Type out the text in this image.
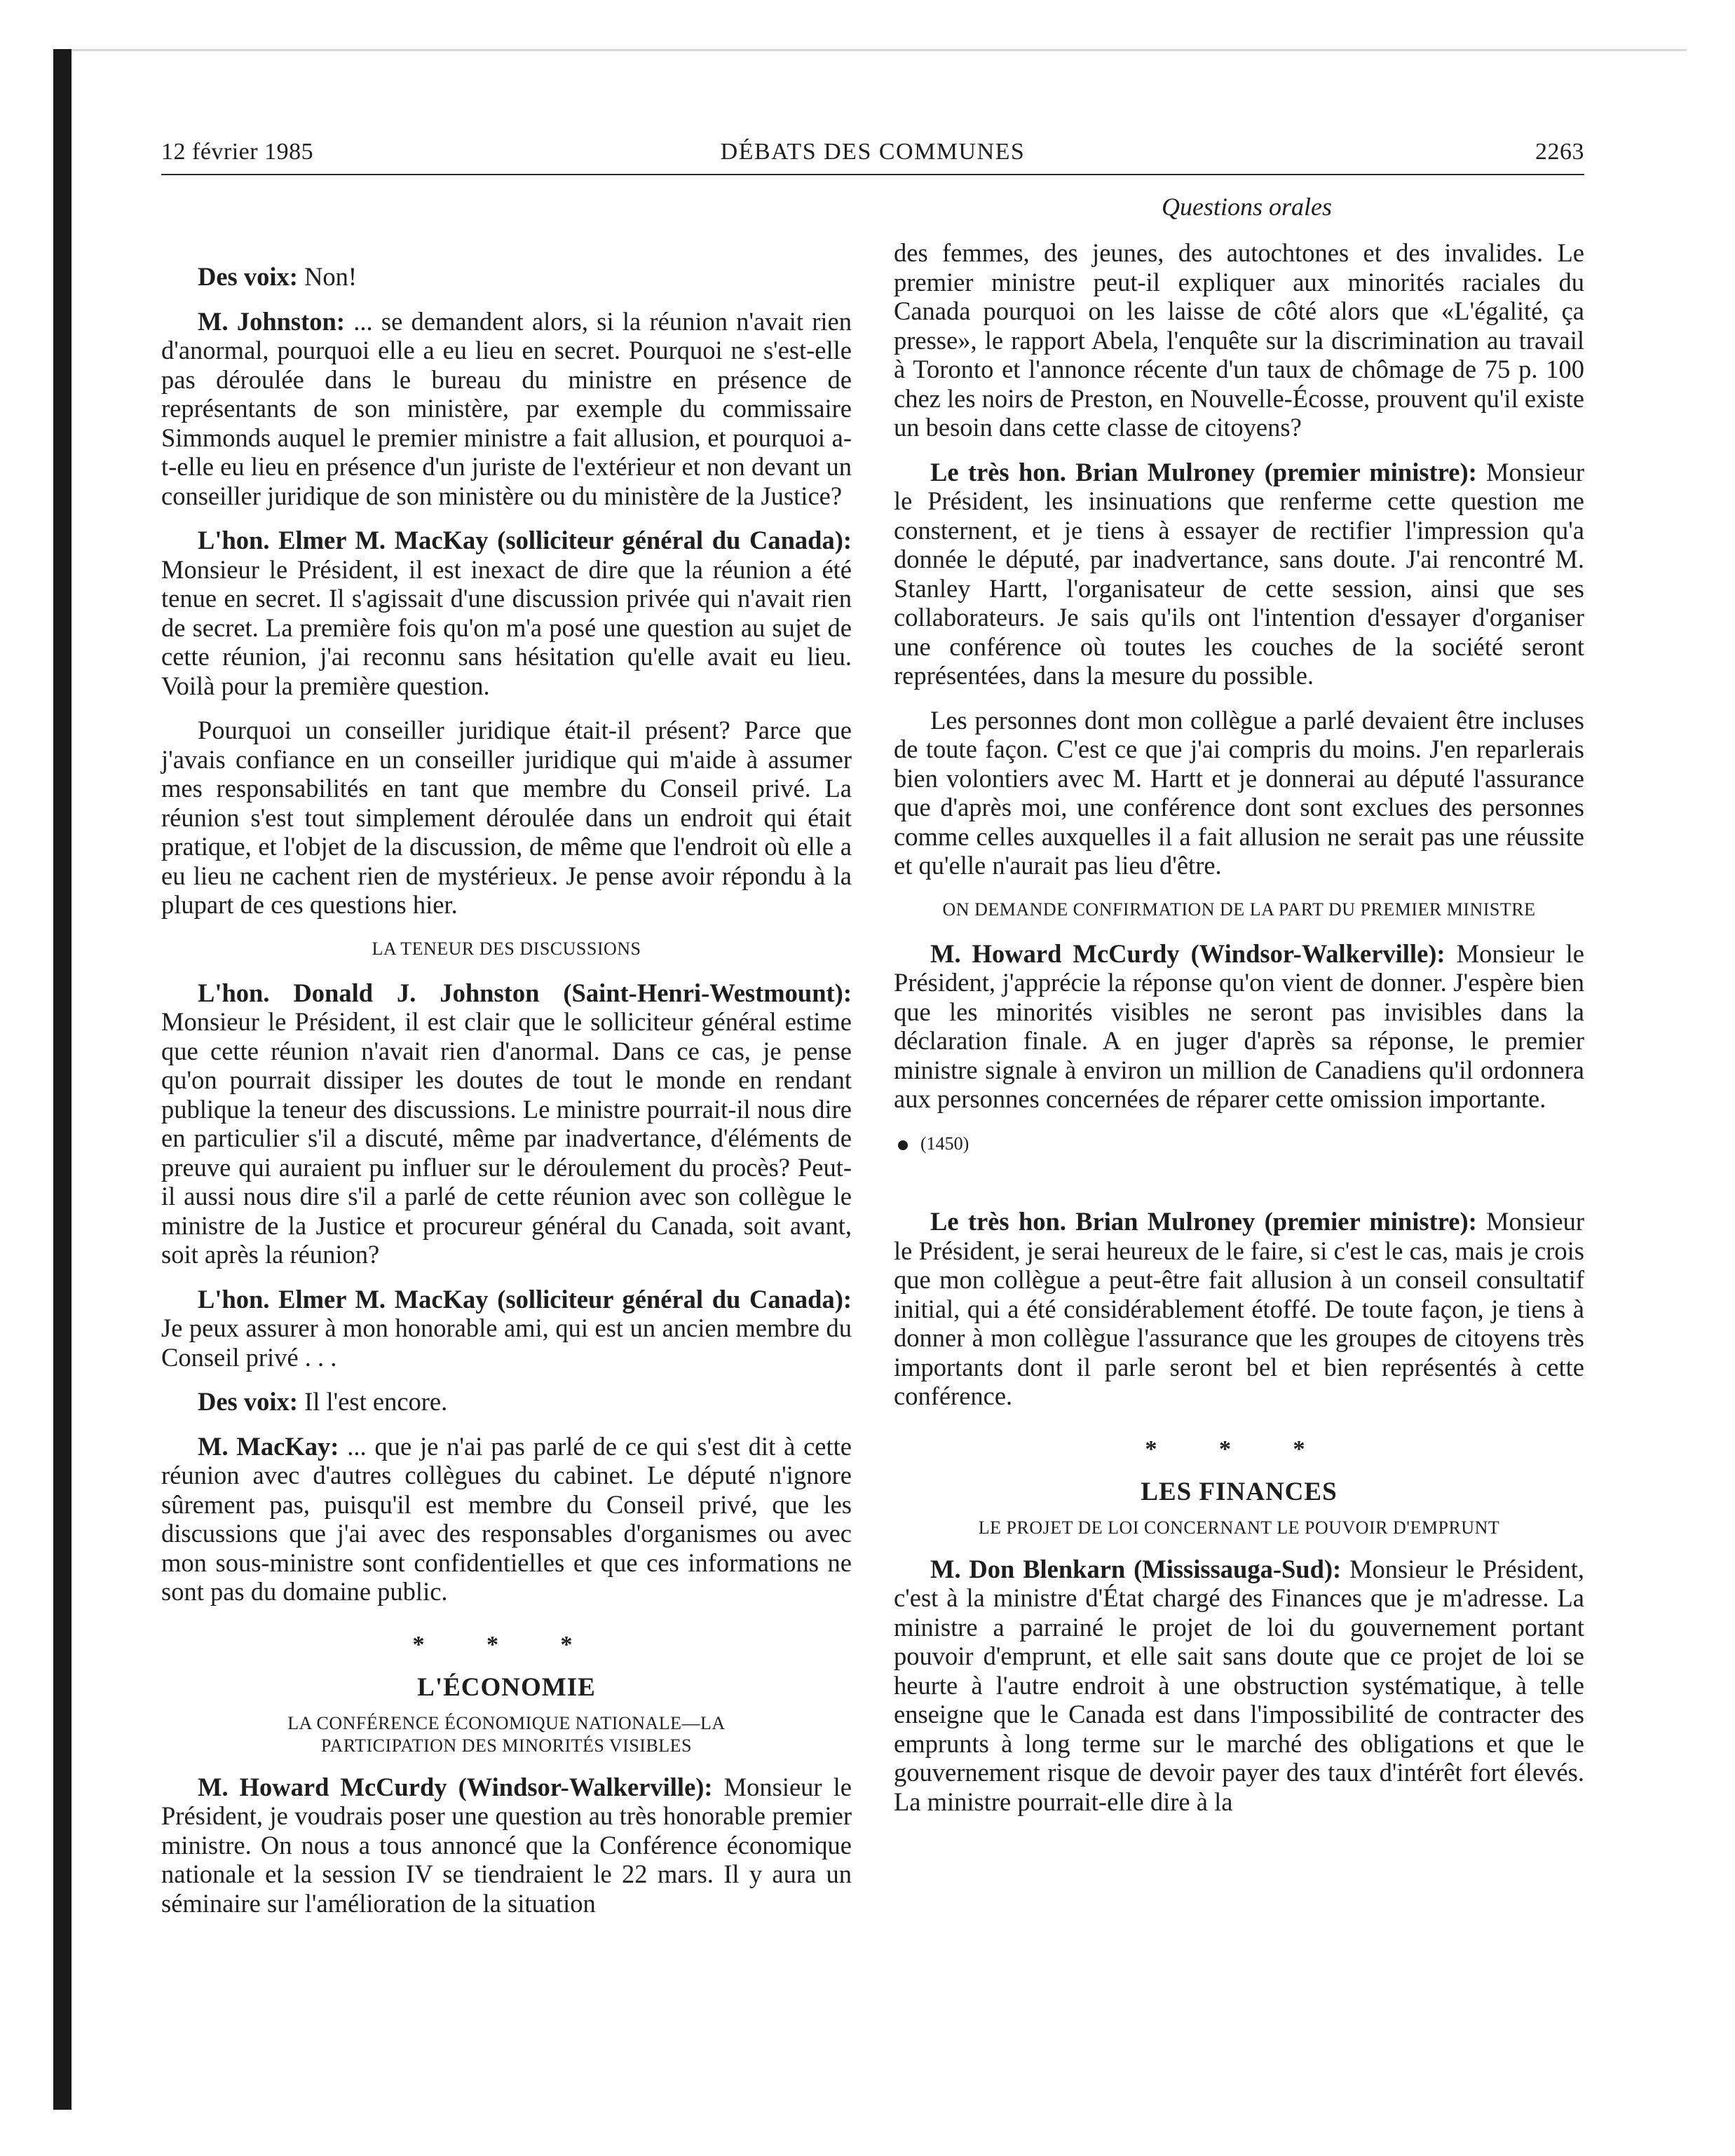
12 février 1985	DÉBATS DES COMMUNES	2263
Questions orales

Des voix: Non!

M. Johnston: ... se demandent alors, si la réunion n'avait rien d'anormal, pourquoi elle a eu lieu en secret. Pourquoi ne s'est-elle pas déroulée dans le bureau du ministre en présence de représentants de son ministère, par exemple du commissaire Simmonds auquel le premier ministre a fait allusion, et pourquoi a-t-elle eu lieu en présence d'un juriste de l'extérieur et non devant un conseiller juridique de son ministère ou du ministère de la Justice?

L'hon. Elmer M. MacKay (solliciteur général du Canada): Monsieur le Président, il est inexact de dire que la réunion a été tenue en secret. Il s'agissait d'une discussion privée qui n'avait rien de secret. La première fois qu'on m'a posé une question au sujet de cette réunion, j'ai reconnu sans hésitation qu'elle avait eu lieu. Voilà pour la première question.

Pourquoi un conseiller juridique était-il présent? Parce que j'avais confiance en un conseiller juridique qui m'aide à assumer mes responsabilités en tant que membre du Conseil privé. La réunion s'est tout simplement déroulée dans un endroit qui était pratique, et l'objet de la discussion, de même que l'endroit où elle a eu lieu ne cachent rien de mystérieux. Je pense avoir répondu à la plupart de ces questions hier.

LA TENEUR DES DISCUSSIONS

L'hon. Donald J. Johnston (Saint-Henri-Westmount): Monsieur le Président, il est clair que le solliciteur général estime que cette réunion n'avait rien d'anormal. Dans ce cas, je pense qu'on pourrait dissiper les doutes de tout le monde en rendant publique la teneur des discussions. Le ministre pourrait-il nous dire en particulier s'il a discuté, même par inadvertance, d'éléments de preuve qui auraient pu influer sur le déroulement du procès? Peut-il aussi nous dire s'il a parlé de cette réunion avec son collègue le ministre de la Justice et procureur général du Canada, soit avant, soit après la réunion?

L'hon. Elmer M. MacKay (solliciteur général du Canada): Je peux assurer à mon honorable ami, qui est un ancien membre du Conseil privé . . .

Des voix: Il l'est encore.

M. MacKay: ... que je n'ai pas parlé de ce qui s'est dit à cette réunion avec d'autres collègues du cabinet. Le député n'ignore sûrement pas, puisqu'il est membre du Conseil privé, que les discussions que j'ai avec des responsables d'organismes ou avec mon sous-ministre sont confidentielles et que ces informations ne sont pas du domaine public.

* * *
L'ÉCONOMIE
LA CONFÉRENCE ÉCONOMIQUE NATIONALE—LA PARTICIPATION DES MINORITÉS VISIBLES

M. Howard McCurdy (Windsor-Walkerville): Monsieur le Président, je voudrais poser une question au très honorable premier ministre. On nous a tous annoncé que la Conférence économique nationale et la session IV se tiendraient le 22 mars. Il y aura un séminaire sur l'amélioration de la situation

des femmes, des jeunes, des autochtones et des invalides. Le premier ministre peut-il expliquer aux minorités raciales du Canada pourquoi on les laisse de côté alors que «L'égalité, ça presse», le rapport Abela, l'enquête sur la discrimination au travail à Toronto et l'annonce récente d'un taux de chômage de 75 p. 100 chez les noirs de Preston, en Nouvelle-Écosse, prouvent qu'il existe un besoin dans cette classe de citoyens?

Le très hon. Brian Mulroney (premier ministre): Monsieur le Président, les insinuations que renferme cette question me consternent, et je tiens à essayer de rectifier l'impression qu'a donnée le député, par inadvertance, sans doute. J'ai rencontré M. Stanley Hartt, l'organisateur de cette session, ainsi que ses collaborateurs. Je sais qu'ils ont l'intention d'essayer d'organiser une conférence où toutes les couches de la société seront représentées, dans la mesure du possible.

Les personnes dont mon collègue a parlé devaient être incluses de toute façon. C'est ce que j'ai compris du moins. J'en reparlerais bien volontiers avec M. Hartt et je donnerai au député l'assurance que d'après moi, une conférence dont sont exclues des personnes comme celles auxquelles il a fait allusion ne serait pas une réussite et qu'elle n'aurait pas lieu d'être.

ON DEMANDE CONFIRMATION DE LA PART DU PREMIER MINISTRE

M. Howard McCurdy (Windsor-Walkerville): Monsieur le Président, j'apprécie la réponse qu'on vient de donner. J'espère bien que les minorités visibles ne seront pas invisibles dans la déclaration finale. A en juger d'après sa réponse, le premier ministre signale à environ un million de Canadiens qu'il ordonnera aux personnes concernées de réparer cette omission importante.

(1450)

Le très hon. Brian Mulroney (premier ministre): Monsieur le Président, je serai heureux de le faire, si c'est le cas, mais je crois que mon collègue a peut-être fait allusion à un conseil consultatif initial, qui a été considérablement étoffé. De toute façon, je tiens à donner à mon collègue l'assurance que les groupes de citoyens très importants dont il parle seront bel et bien représentés à cette conférence.

* * *
LES FINANCES
LE PROJET DE LOI CONCERNANT LE POUVOIR D'EMPRUNT

M. Don Blenkarn (Mississauga-Sud): Monsieur le Président, c'est à la ministre d'État chargé des Finances que je m'adresse. La ministre a parrainé le projet de loi du gouvernement portant pouvoir d'emprunt, et elle sait sans doute que ce projet de loi se heurte à l'autre endroit à une obstruction systématique, à telle enseigne que le Canada est dans l'impossibilité de contracter des emprunts à long terme sur le marché des obligations et que le gouvernement risque de devoir payer des taux d'intérêt fort élevés. La ministre pourrait-elle dire à la
